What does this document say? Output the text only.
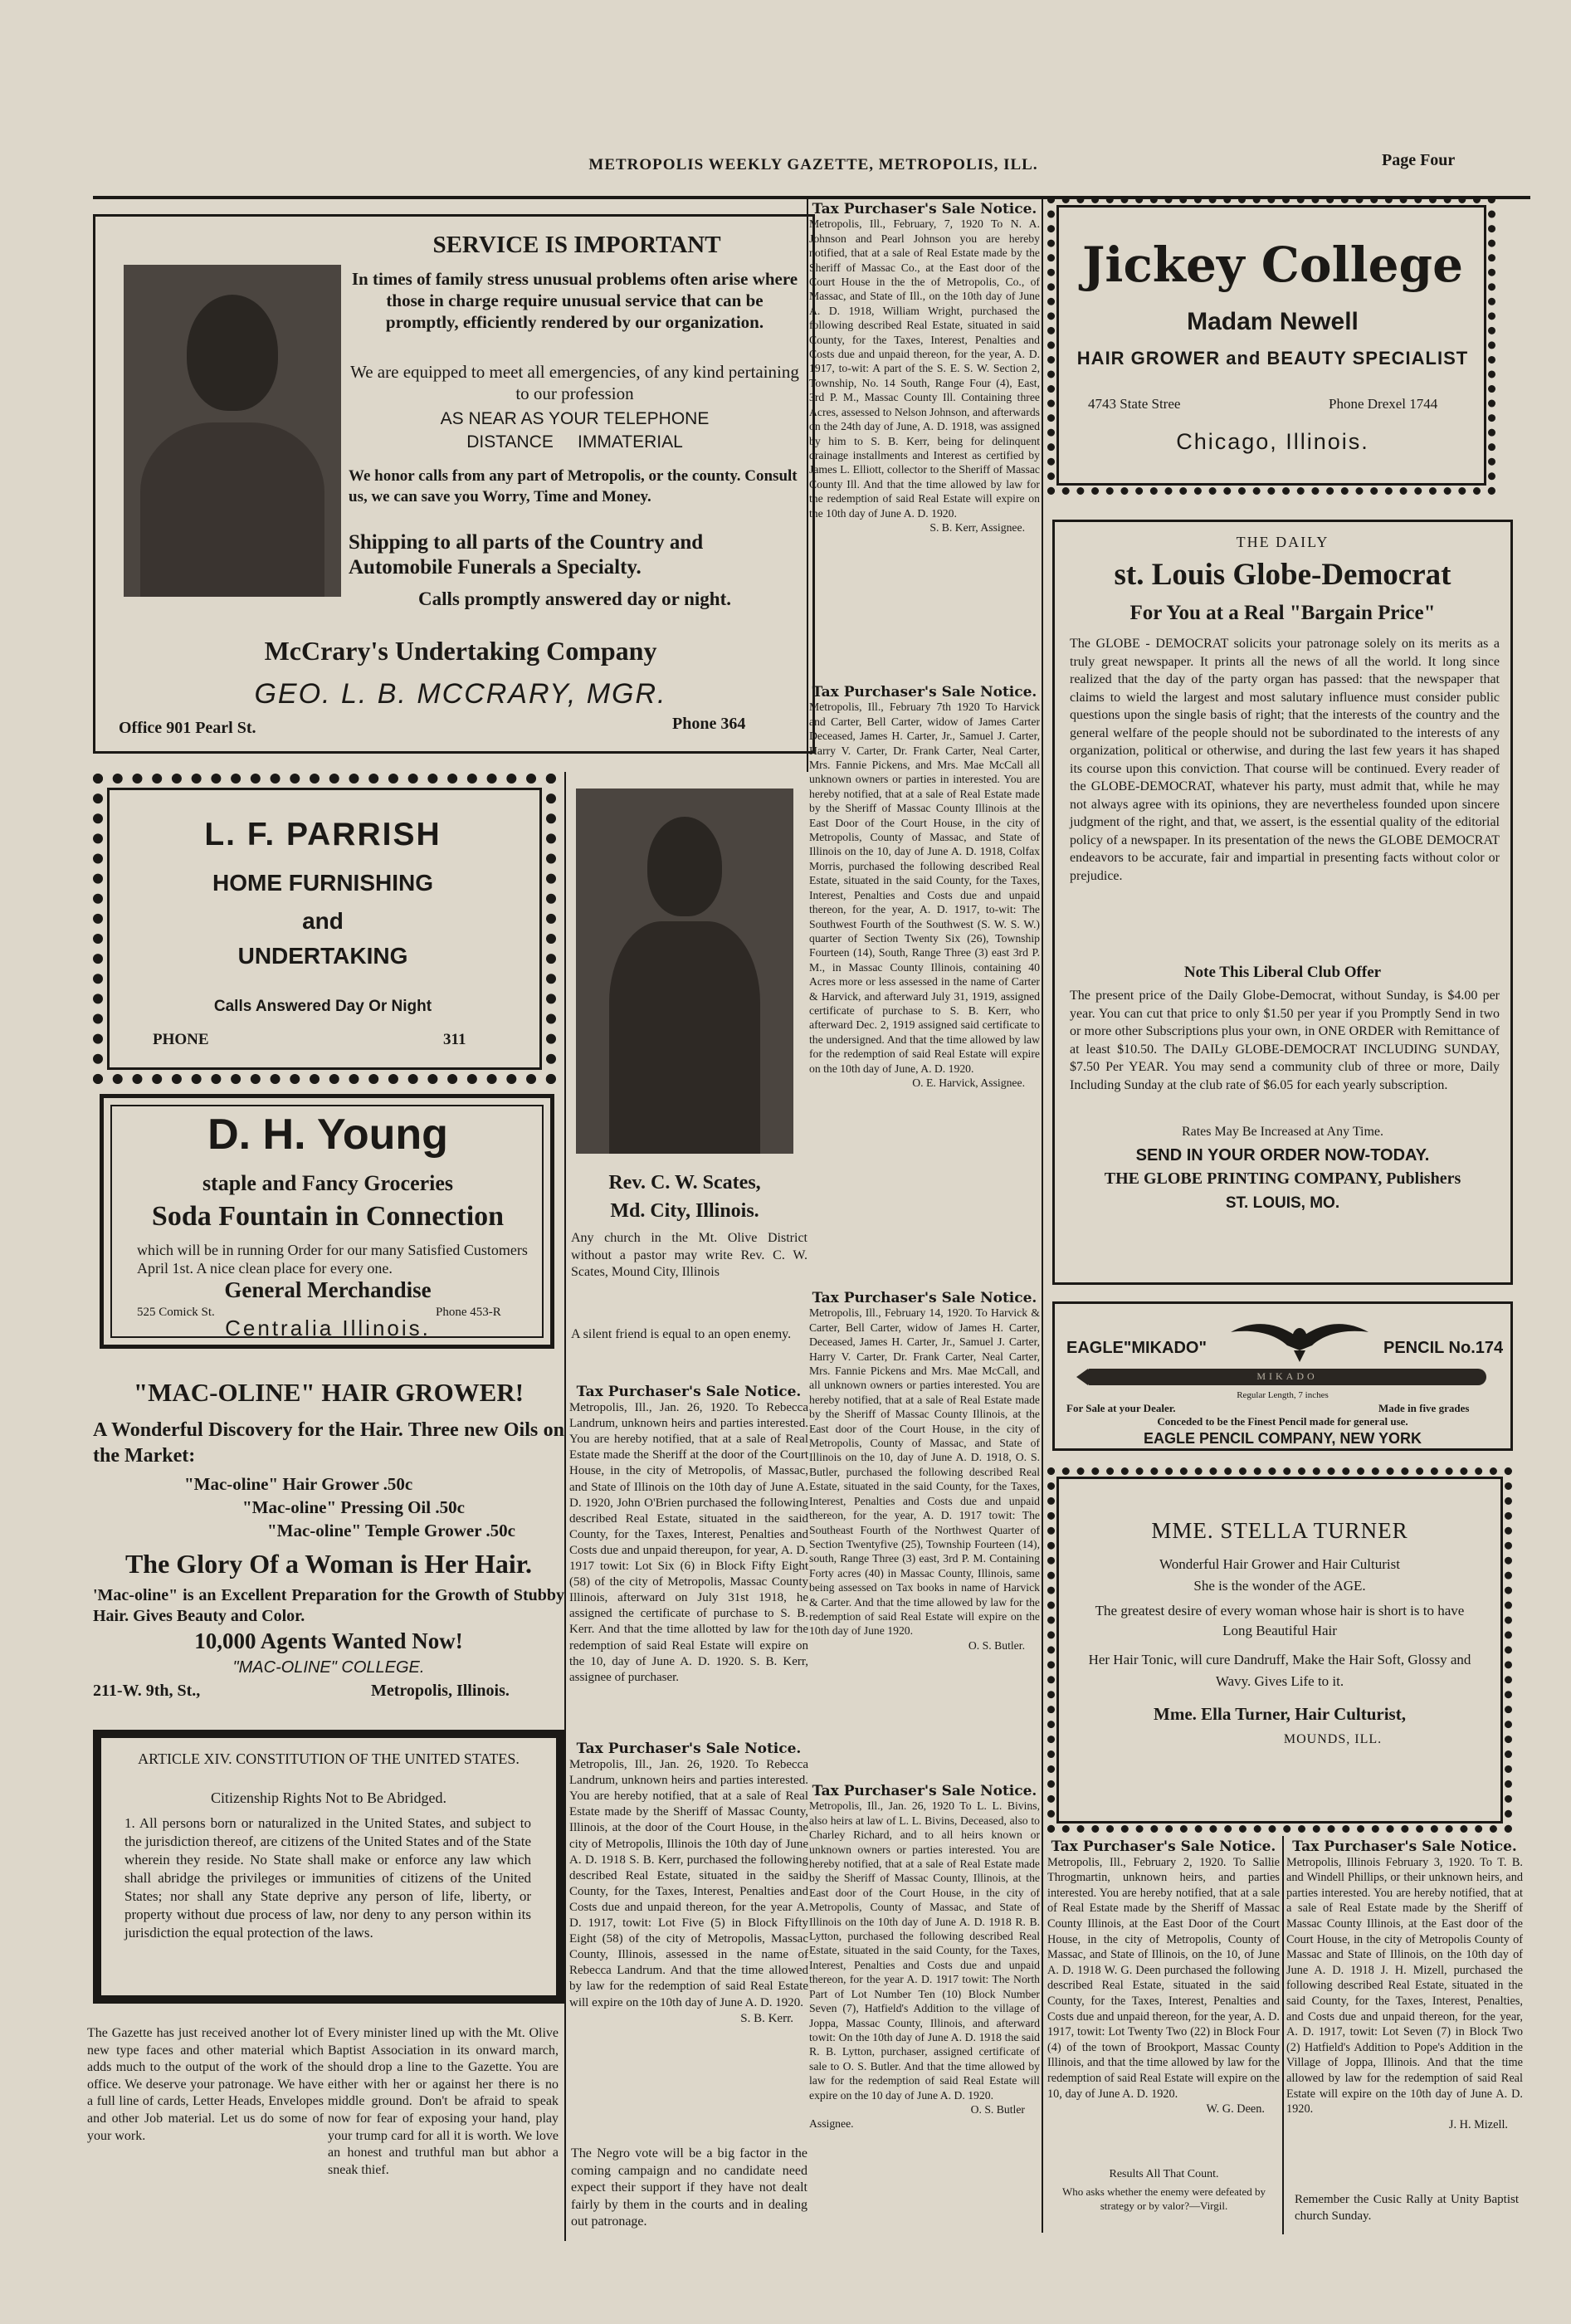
METROPOLIS WEEKLY GAZETTE, METROPOLIS, ILL.	Page Four
SERVICE IS IMPORTANT
In times of family stress unusual problems often arise where those in charge require unusual service that can be promptly, efficiently rendered by our organization.
We are equipped to meet all emergencies, of any kind pertaining to our profession
AS NEAR AS YOUR TELEPHONE
DISTANCE     IMMATERIAL
We honor calls from any part of Metropolis, or the county. Consult us, we can save you Worry, Time and Money.
Shipping to all parts of the Country and Automobile Funerals a Specialty.
Calls promptly answered day or night.
McCrary's Undertaking Company
GEO. L. B. MCCRARY, MGR.
Office 901 Pearl St.	Phone 364
L. F. PARRISH
HOME FURNISHING
and
UNDERTAKING
Calls Answered Day Or Night
PHONE	311
D. H. Young
staple and Fancy Groceries
Soda Fountain in Connection
which will be in running Order for our many Satisfied Customers April 1st. A nice clean place for every one.
General Merchandise
525 Comick St.	Phone 453-R
Centralia Illinois.
"MAC-OLINE" HAIR GROWER!
A Wonderful Discovery for the Hair. Three new Oils on the Market:
"Mac-oline" Hair Grower .50c
"Mac-oline" Pressing Oil .50c
"Mac-oline" Temple Grower .50c
The Glory Of a Woman is Her Hair.
'Mac-oline" is an Excellent Preparation for the Growth of Stubby Hair. Gives Beauty and Color.
10,000 Agents Wanted Now!
"MAC-OLINE" COLLEGE.
211-W. 9th, St.,	Metropolis, Illinois.
ARTICLE XIV. CONSTITUTION OF THE UNITED STATES.
Citizenship Rights Not to Be Abridged.
1. All persons born or naturalized in the United States, and subject to the jurisdiction thereof, are citizens of the United States and of the State wherein they reside. No State shall make or enforce any law which shall abridge the privileges or immunities of citizens of the United States; nor shall any State deprive any person of life, liberty, or property without due process of law, nor deny to any person within its jurisdiction the equal protection of the laws.
The Gazette has just received another lot of new type faces and other material which adds much to the output of the work of the office. We deserve your patronage. We have a full line of cards, Letter Heads, Envelopes and other Job material. Let us do some of your work.
Every minister lined up with the Mt. Olive Baptist Association in its onward march, should drop a line to the Gazette. You are either with her or against her there is no middle ground. Don't be afraid to speak now for fear of exposing your hand, play your trump card for all it is worth. We love an honest and truthful man but abhor a sneak thief.
Rev. C. W. Scates,
Md. City, Illinois.
Any church in the Mt. Olive District without a pastor may write Rev. C. W. Scates, Mound City, Illinois
A silent friend is equal to an open enemy.
Tax Purchaser's Sale Notice.
Metropolis, Ill., Jan. 26, 1920. To Rebecca Landrum, unknown heirs and parties interested. You are hereby notified, that at a sale of Real Estate made the Sheriff at the door of the Court House, in the city of Metropolis, of Massac, and State of Illinois on the 10th day of June A. D. 1920, John O'Brien purchased the following described Real Estate, situated in the said County, for the Taxes, Interest, Penalties and Costs due and unpaid thereupon, for year, A. D. 1917 towit: Lot Six (6) in Block Fifty Eight (58) of the city of Metropolis, Massac County Illinois, afterward on July 31st 1918, he assigned the certificate of purchase to S. B. Kerr. And that the time allotted by law for the redemption of said Real Estate will expire on the 10, day of June A. D. 1920. S. B. Kerr, assignee of purchaser.
Tax Purchaser's Sale Notice.
Metropolis, Ill., Jan. 26, 1920. To Rebecca Landrum, unknown heirs and parties interested. You are hereby notified, that at a sale of Real Estate made by the Sheriff of Massac County, Illinois, at the door of the Court House, in the city of Metropolis, Illinois the 10th day of June A. D. 1918 S. B. Kerr, purchased the following described Real Estate, situated in the said County, for the Taxes, Interest, Penalties and Costs due and unpaid thereon, for the year A. D. 1917, towit: Lot Five (5) in Block Fifty Eight (58) of the city of Metropolis, Massac County, Illinois, assessed in the name of Rebecca Landrum. And that the time allowed by law for the redemption of said Real Estate will expire on the 10th day of June A. D. 1920.
S. B. Kerr.
The Negro vote will be a big factor in the coming campaign and no candidate need expect their support if they have not dealt fairly by them in the courts and in dealing out patronage.
Tax Purchaser's Sale Notice.
Metropolis, Ill., February, 7, 1920 To N. A. Johnson and Pearl Johnson you are hereby notified, that at a sale of Real Estate made by the Sheriff of Massac Co., at the East door of the Court House in the the of Metropolis, Co., of Massac, and State of Ill., on the 10th day of June A. D. 1918, William Wright, purchased the following described Real Estate, situated in said County, for the Taxes, Interest, Penalties and Costs due and unpaid thereon, for the year, A. D. 1917, to-wit: A part of the S. E. S. W. Section 2, Township, No. 14 South, Range Four (4), East, 3rd P. M., Massac County Ill. Containing three Acres, assessed to Nelson Johnson, and afterwards on the 24th day of June, A. D. 1918, was assigned by him to S. B. Kerr, being for delinquent drainage installments and Interest as certified by James L. Elliott, collector to the Sheriff of Massac County Ill. And that the time allowed by law for the redemption of said Real Estate will expire on the 10th day of June A. D. 1920.
S. B. Kerr, Assignee.
Tax Purchaser's Sale Notice.
Metropolis, Ill., February 7th 1920 To Harvick and Carter, Bell Carter, widow of James Carter Deceased, James H. Carter, Jr., Samuel J. Carter, Harry V. Carter, Dr. Frank Carter, Neal Carter, Mrs. Fannie Pickens, and Mrs. Mae McCall all unknown owners or parties in interested. You are hereby notified, that at a sale of Real Estate made by the Sheriff of Massac County Illinois at the East Door of the Court House, in the city of Metropolis, County of Massac, and State of Illinois on the 10, day of June A. D. 1918, Colfax Morris, purchased the following described Real Estate, situated in the said County, for the Taxes, Interest, Penalties and Costs due and unpaid thereon, for the year, A. D. 1917, to-wit: The Southwest Fourth of the Southwest (S. W. S. W.) quarter of Section Twenty Six (26), Township Fourteen (14), South, Range Three (3) east 3rd P. M., in Massac County Illinois, containing 40 Acres more or less assessed in the name of Carter & Harvick, and afterward July 31, 1919, assigned certificate of purchase to S. B. Kerr, who afterward Dec. 2, 1919 assigned said certificate to the undersigned. And that the time allowed by law for the redemption of said Real Estate will expire on the 10th day of June, A. D. 1920.
O. E. Harvick, Assignee.
Tax Purchaser's Sale Notice.
Metropolis, Ill., February 14, 1920. To Harvick & Carter, Bell Carter, widow of James H. Carter, Deceased, James H. Carter, Jr., Samuel J. Carter, Harry V. Carter, Dr. Frank Carter, Neal Carter, Mrs. Fannie Pickens and Mrs. Mae McCall, and all unknown owners or parties interested. You are hereby notified, that at a sale of Real Estate made by the Sheriff of Massac County Illinois, at the East door of the Court House, in the city of Metropolis, County of Massac, and State of Illinois on the 10, day of June A. D. 1918, O. S. Butler, purchased the following described Real Estate, situated in the said County, for the Taxes, Interest, Penalties and Costs due and unpaid thereon, for the year, A. D. 1917 towit: The Southeast Fourth of the Northwest Quarter of Section Twentyfive (25), Township Fourteen (14), south, Range Three (3) east, 3rd P. M. Containing Forty acres (40) in Massac County, Illinois, same being assessed on Tax books in name of Harvick & Carter. And that the time allowed by law for the redemption of said Real Estate will expire on the 10th day of June 1920.
O. S. Butler.
Tax Purchaser's Sale Notice.
Metropolis, Ill., Jan. 26, 1920 To L. L. Bivins, also heirs at law of L. L. Bivins, Deceased, also to Charley Richard, and to all heirs known or unknown owners or parties interested. You are hereby notified, that at a sale of Real Estate made by the Sheriff of Massac County, Illinois, at the East door of the Court House, in the city of Metropolis, County of Massac, and State of Illinois on the 10th day of June A. D. 1918 R. B. Lytton, purchased the following described Real Estate, situated in the said County, for the Taxes, Interest, Penalties and Costs due and unpaid thereon, for the year A. D. 1917 towit: The North Part of Lot Number Ten (10) Block Number Seven (7), Hatfield's Addition to the village of Joppa, Massac County, Illinois, and afterward towit: On the 10th day of June A. D. 1918 the said R. B. Lytton, purchaser, assigned certificate of sale to O. S. Butler. And that the time allowed by law for the redemption of said Real Estate will expire on the 10 day of June A. D. 1920.
O. S. Butler
Assignee.
Jickey College
Madam Newell
HAIR GROWER and BEAUTY SPECIALIST
4743 State Stree	Phone Drexel 1744
Chicago, Illinois.
THE DAILY
st. Louis Globe-Democrat
For You at a Real "Bargain Price"
The GLOBE - DEMOCRAT solicits your patronage solely on its merits as a truly great newspaper. It prints all the news of all the world. It long since realized that the day of the party organ has passed: that the newspaper that claims to wield the largest and most salutary influence must consider public questions upon the single basis of right; that the interests of the country and the general welfare of the people should not be subordinated to the interests of any organization, political or otherwise, and during the last few years it has shaped its course upon this conviction. That course will be continued. Every reader of the GLOBE-DEMOCRAT, whatever his party, must admit that, while he may not always agree with its opinions, they are nevertheless founded upon sincere judgment of the right, and that, we assert, is the essential quality of the editorial policy of a newspaper. In its presentation of the news the GLOBE DEMOCRAT endeavors to be accurate, fair and impartial in presenting facts without color or prejudice.
Note This Liberal Club Offer
The present price of the Daily Globe-Democrat, without Sunday, is $4.00 per year. You can cut that price to only $1.50 per year if you Promptly Send in two or more other Subscriptions plus your own, in ONE ORDER with Remittance of at least $10.50. The DAILy GLOBE-DEMOCRAT INCLUDING SUNDAY, $7.50 Per YEAR. You may send a community club of three or more, Daily Including Sunday at the club rate of $6.05 for each yearly subscription.
Rates May Be Increased at Any Time.
SEND IN YOUR ORDER NOW-TODAY.
THE GLOBE PRINTING COMPANY, Publishers
ST. LOUIS, MO.
EAGLE"MIKADO"	PENCIL No.174
MIKADO
Regular Length, 7 inches
For Sale at your Dealer.	Made in five grades
Conceded to be the Finest Pencil made for general use.
EAGLE PENCIL COMPANY, NEW YORK
MME. STELLA TURNER
Wonderful Hair Grower and Hair Culturist
She is the wonder of the AGE.
The greatest desire of every woman whose hair is short is to have Long Beautiful Hair
Her Hair Tonic, will cure Dandruff, Make the Hair Soft, Glossy and Wavy. Gives Life to it.
Mme. Ella Turner, Hair Culturist,
MOUNDS, ILL.
Tax Purchaser's Sale Notice.
Metropolis, Ill., February 2, 1920. To Sallie Throgmartin, unknown heirs, and parties interested. You are hereby notified, that at a sale of Real Estate made by the Sheriff of Massac County Illinois, at the East Door of the Court House, in the city of Metropolis, County of Massac, and State of Illinois, on the 10, of June A. D. 1918 W. G. Deen purchased the following described Real Estate, situated in the said County, for the Taxes, Interest, Penalties and Costs due and unpaid thereon, for the year, A. D. 1917, towit: Lot Twenty Two (22) in Block Four (4) of the town of Brookport, Massac County Illinois, and that the time allowed by law for the redemption of said Real Estate will expire on the 10, day of June A. D. 1920.
W. G. Deen.
Results All That Count.
Who asks whether the enemy were defeated by strategy or by valor?—Virgil.
Tax Purchaser's Sale Notice.
Metropolis, Illinois February 3, 1920. To T. B. and Windell Phillips, or their unknown heirs, and parties interested. You are hereby notified, that at a sale of Real Estate made by the Sheriff of Massac County Illinois, at the East door of the Court House, in the city of Metropolis County of Massac and State of Illinois, on the 10th day of June A. D. 1918 J. H. Mizell, purchased the following described Real Estate, situated in the said County, for the Taxes, Interest, Penalties, and Costs due and unpaid thereon, for the year, A. D. 1917, towit: Lot Seven (7) in Block Two (2) Hatfield's Addition to Pope's Addition in the Village of Joppa, Illinois. And that the time allowed by law for the redemption of said Real Estate will expire on the 10th day of June A. D. 1920.
J. H. Mizell.
Remember the Cusic Rally at Unity Baptist church Sunday.
